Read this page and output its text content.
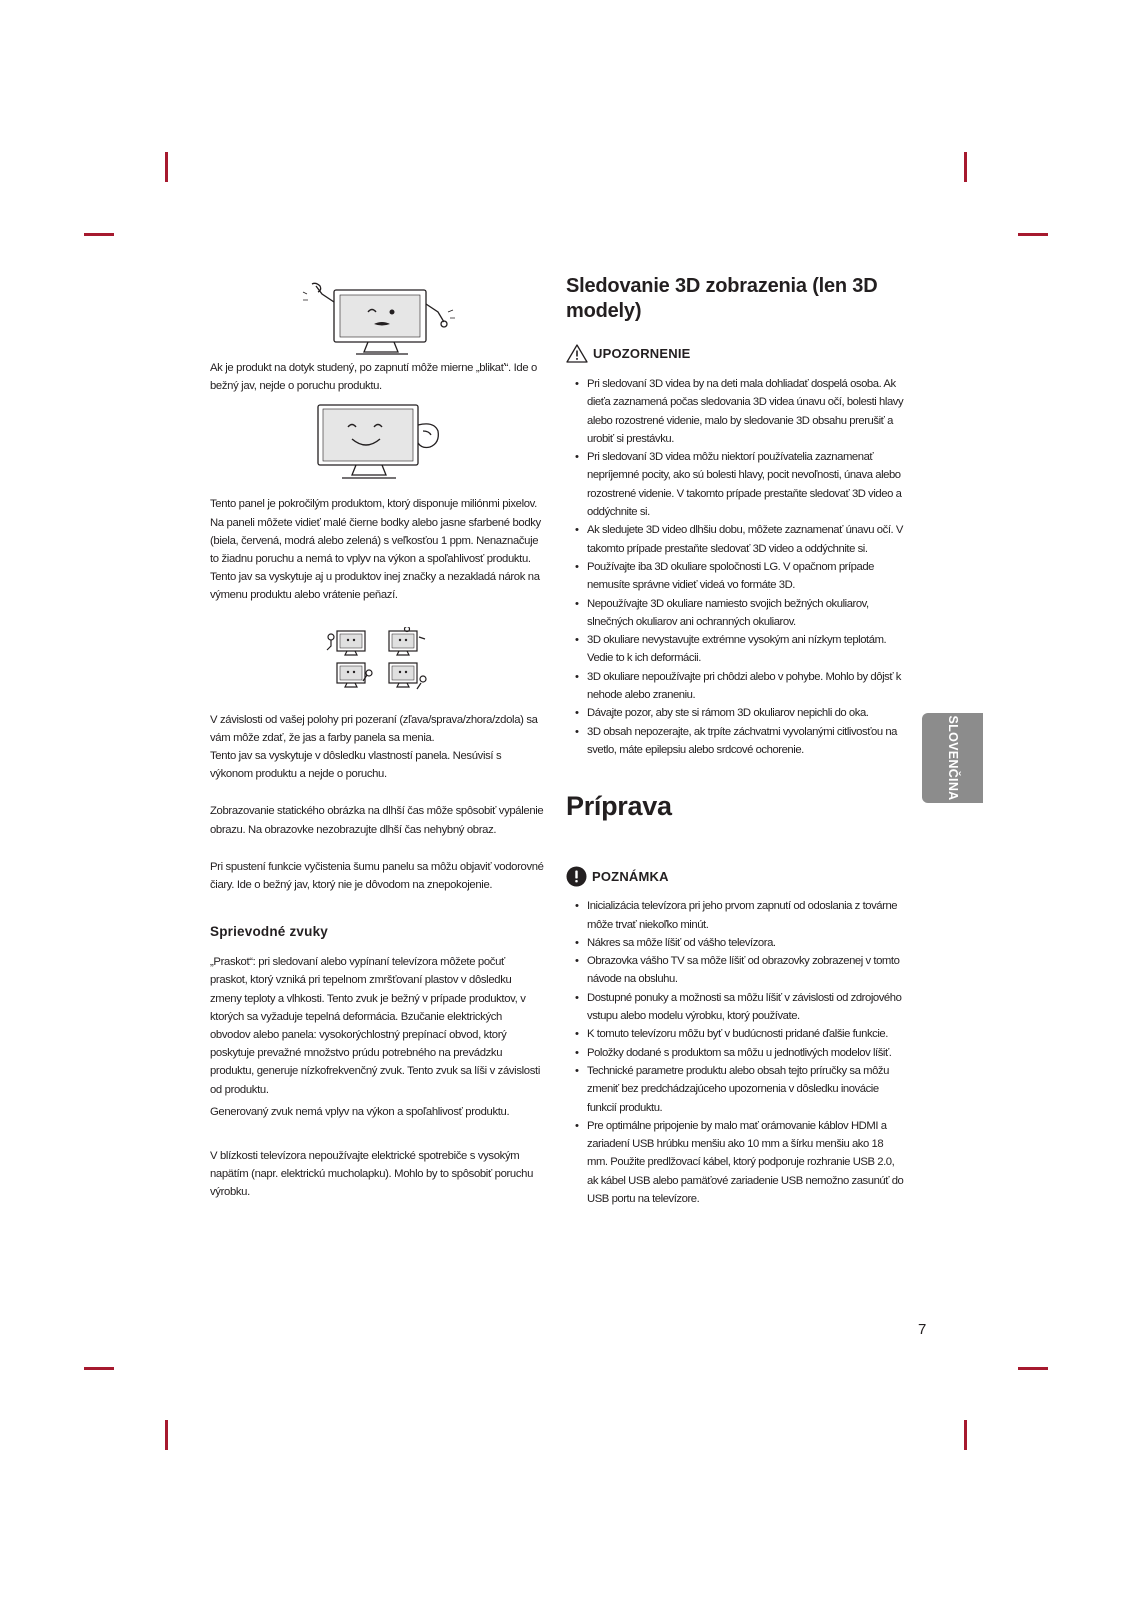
Ak je produkt na dotyk studený, po zapnutí môže mierne „blikať“. Ide o bežný jav, nejde o poruchu produktu.

Tento panel je pokročilým produktom, ktorý disponuje miliónmi pixelov. Na paneli môžete vidieť malé čierne bodky alebo jasne sfarbené bodky (biela, červená, modrá alebo zelená) s veľkosťou 1 ppm. Nenaznačuje to žiadnu poruchu a nemá to vplyv na výkon a spoľahlivosť produktu. Tento jav sa vyskytuje aj u produktov inej značky a nezakladá nárok na výmenu produktu alebo vrátenie peňazí.

V závislosti od vašej polohy pri pozeraní (zľava/sprava/zhora/zdola) sa vám môže zdať, že jas a farby panela sa menia.

Tento jav sa vyskytuje v dôsledku vlastností panela. Nesúvisí s výkonom produktu a nejde o poruchu.

Zobrazovanie statického obrázka na dlhší čas môže spôsobiť vypálenie obrazu. Na obrazovke nezobrazujte dlhší čas nehybný obraz.

Pri spustení funkcie vyčistenia šumu panelu sa môžu objaviť vodorovné čiary. Ide o bežný jav, ktorý nie je dôvodom na znepokojenie.

Sprievodné zvuky

„Praskot“: pri sledovaní alebo vypínaní televízora môžete počuť praskot, ktorý vzniká pri tepelnom zmršťovaní plastov v dôsledku zmeny teploty a vlhkosti. Tento zvuk je bežný v prípade produktov, v ktorých sa vyžaduje tepelná deformácia. Bzučanie elektrických obvodov alebo panela: vysokorýchlostný prepínací obvod, ktorý poskytuje prevažné množstvo prúdu potrebného na prevádzku produktu, generuje nízkofrekvenčný zvuk. Tento zvuk sa líši v závislosti od produktu.

Generovaný zvuk nemá vplyv na výkon a spoľahlivosť produktu.

V blízkosti televízora nepoužívajte elektrické spotrebiče s vysokým napätím (napr. elektrickú mucholapku). Mohlo by to spôsobiť poruchu výrobku.

Sledovanie 3D zobrazenia (len 3D modely)
UPOZORNENIE
• Pri sledovaní 3D videa by na deti mala dohliadať dospelá osoba. Ak dieťa zaznamená počas sledovania 3D videa únavu očí, bolesti hlavy alebo rozostrené videnie, malo by sledovanie 3D obsahu prerušiť a urobiť si prestávku.
• Pri sledovaní 3D videa môžu niektorí používatelia zaznamenať nepríjemné pocity, ako sú bolesti hlavy, pocit nevoľnosti, únava alebo rozostrené videnie. V takomto prípade prestaňte sledovať 3D video a oddýchnite si.
• Ak sledujete 3D video dlhšiu dobu, môžete zaznamenať únavu očí. V takomto prípade prestaňte sledovať 3D video a oddýchnite si.
• Používajte iba 3D okuliare spoločnosti LG. V opačnom prípade nemusíte správne vidieť videá vo formáte 3D.
• Nepoužívajte 3D okuliare namiesto svojich bežných okuliarov, slnečných okuliarov ani ochranných okuliarov.
• 3D okuliare nevystavujte extrémne vysokým ani nízkym teplotám. Vedie to k ich deformácii.
• 3D okuliare nepoužívajte pri chôdzi alebo v pohybe. Mohlo by dôjsť k nehode alebo zraneniu.
• Dávajte pozor, aby ste si rámom 3D okuliarov nepichli do oka.
• 3D obsah nepozerajte, ak trpíte záchvatmi vyvolanými citlivosťou na svetlo, máte epilepsiu alebo srdcové ochorenie.
Príprava
POZNÁMKA
• Inicializácia televízora pri jeho prvom zapnutí od odoslania z továrne môže trvať niekoľko minút.
• Nákres sa môže líšiť od vášho televízora.
• Obrazovka vášho TV sa môže líšiť od obrazovky zobrazenej v tomto návode na obsluhu.
• Dostupné ponuky a možnosti sa môžu líšiť v závislosti od zdrojového vstupu alebo modelu výrobku, ktorý používate.
• K tomuto televízoru môžu byť v budúcnosti pridané ďalšie funkcie.
• Položky dodané s produktom sa môžu u jednotlivých modelov líšiť.
• Technické parametre produktu alebo obsah tejto príručky sa môžu zmeniť bez predchádzajúceho upozornenia v dôsledku inovácie funkcií produktu.
• Pre optimálne pripojenie by malo mať orámovanie káblov HDMI a zariadení USB hrúbku menšiu ako 10 mm a šírku menšiu ako 18 mm. Použite predlžovací kábel, ktorý podporuje rozhranie USB 2.0, ak kábel USB alebo pamäťové zariadenie USB nemožno zasunúť do USB portu na televízore.
SLOVENČINA
7
